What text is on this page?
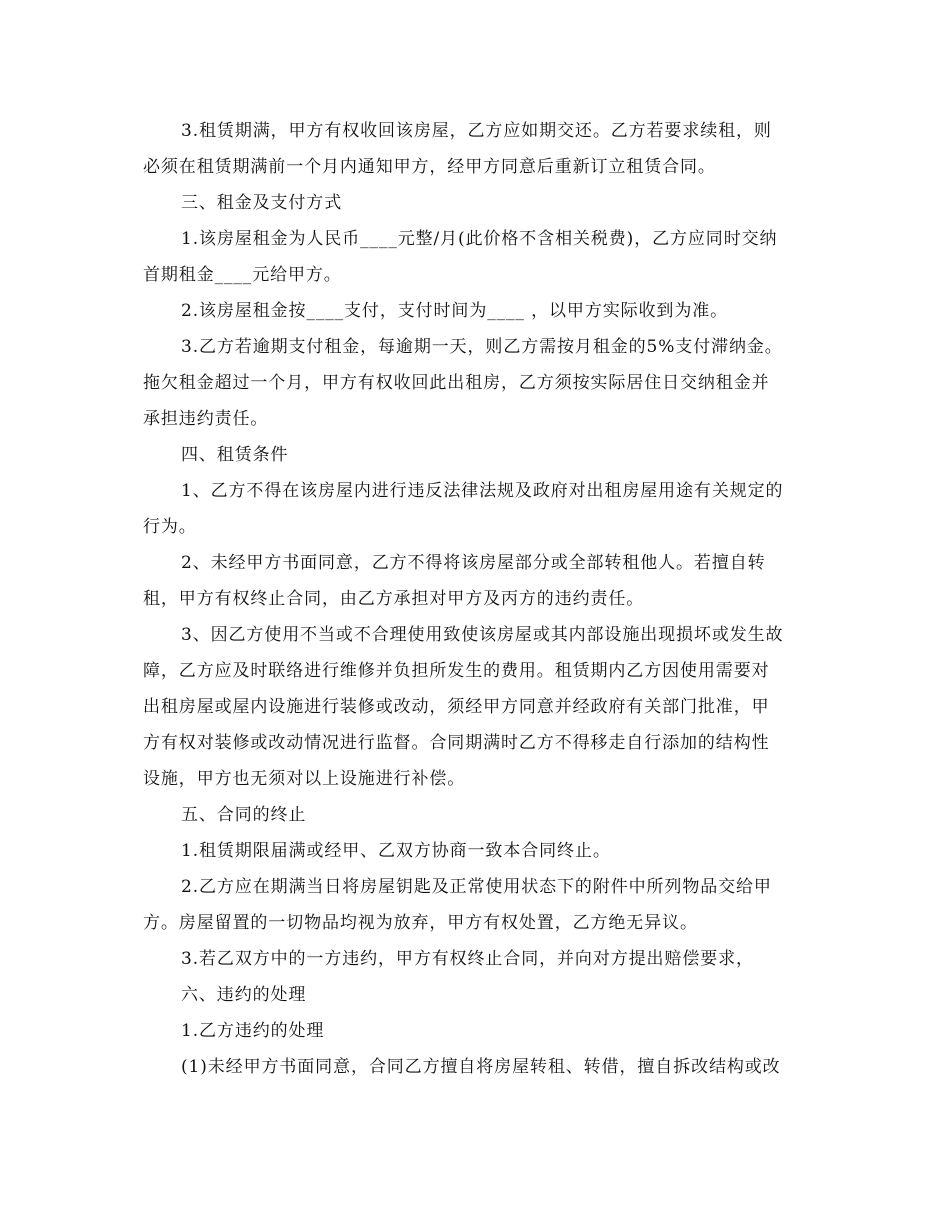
3.租赁期满，甲方有权收回该房屋，乙方应如期交还。乙方若要求续租，则
必须在租赁期满前一个月内通知甲方，经甲方同意后重新订立租赁合同。
三、租金及支付方式
1.该房屋租金为人民币____元整/月(此价格不含相关税费)，乙方应同时交纳
首期租金____元给甲方。
2.该房屋租金按____支付，支付时间为____ ，以甲方实际收到为准。
3.乙方若逾期支付租金，每逾期一天，则乙方需按月租金的5%支付滞纳金。
拖欠租金超过一个月，甲方有权收回此出租房，乙方须按实际居住日交纳租金并
承担违约责任。
四、租赁条件
1、乙方不得在该房屋内进行违反法律法规及政府对出租房屋用途有关规定的
行为。
2、未经甲方书面同意，乙方不得将该房屋部分或全部转租他人。若擅自转
租，甲方有权终止合同，由乙方承担对甲方及丙方的违约责任。
3、因乙方使用不当或不合理使用致使该房屋或其内部设施出现损坏或发生故
障，乙方应及时联络进行维修并负担所发生的费用。租赁期内乙方因使用需要对
出租房屋或屋内设施进行装修或改动，须经甲方同意并经政府有关部门批准，甲
方有权对装修或改动情况进行监督。合同期满时乙方不得移走自行添加的结构性
设施，甲方也无须对以上设施进行补偿。
五、合同的终止
1.租赁期限届满或经甲、乙双方协商一致本合同终止。
2.乙方应在期满当日将房屋钥匙及正常使用状态下的附件中所列物品交给甲
方。房屋留置的一切物品均视为放弃，甲方有权处置，乙方绝无异议。
3.若乙双方中的一方违约，甲方有权终止合同，并向对方提出赔偿要求，
六、违约的处理
1.乙方违约的处理
(1)未经甲方书面同意，合同乙方擅自将房屋转租、转借，擅自拆改结构或改
